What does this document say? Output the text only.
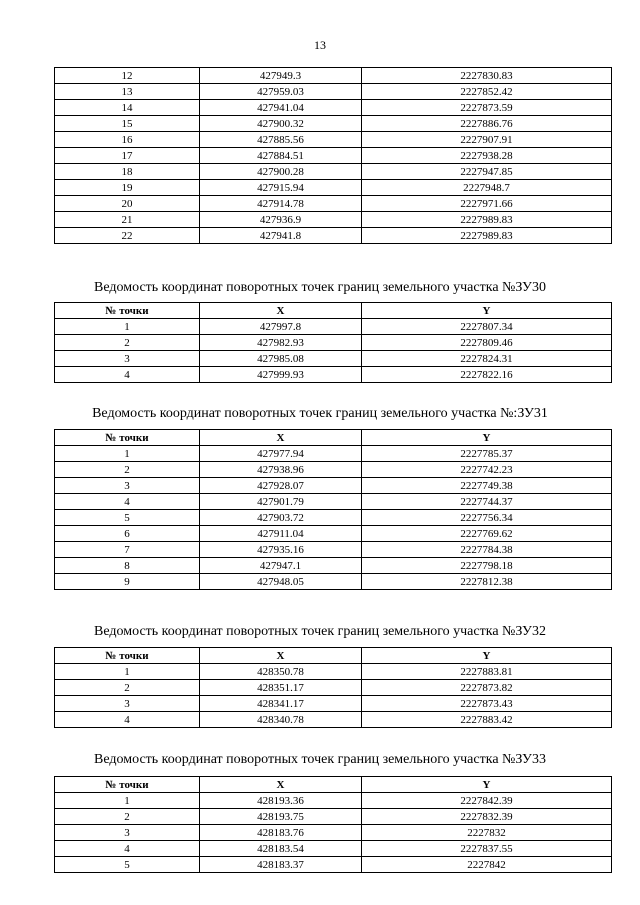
13
12	427949.3	2227830.83
13	427959.03	2227852.42
14	427941.04	2227873.59
15	427900.32	2227886.76
16	427885.56	2227907.91
17	427884.51	2227938.28
18	427900.28	2227947.85
19	427915.94	2227948.7
20	427914.78	2227971.66
21	427936.9	2227989.83
22	427941.8	2227989.83
Ведомость координат поворотных точек границ земельного участка №ЗУ30
№ точки	X	Y
1	427997.8	2227807.34
2	427982.93	2227809.46
3	427985.08	2227824.31
4	427999.93	2227822.16
Ведомость координат поворотных точек границ земельного участка №:ЗУ31
№ точки	X	Y
1	427977.94	2227785.37
2	427938.96	2227742.23
3	427928.07	2227749.38
4	427901.79	2227744.37
5	427903.72	2227756.34
6	427911.04	2227769.62
7	427935.16	2227784.38
8	427947.1	2227798.18
9	427948.05	2227812.38
Ведомость координат поворотных точек границ земельного участка №ЗУ32
№ точки	X	Y
1	428350.78	2227883.81
2	428351.17	2227873.82
3	428341.17	2227873.43
4	428340.78	2227883.42
Ведомость координат поворотных точек границ земельного участка №ЗУ33
№ точки	X	Y
1	428193.36	2227842.39
2	428193.75	2227832.39
3	428183.76	2227832
4	428183.54	2227837.55
5	428183.37	2227842
